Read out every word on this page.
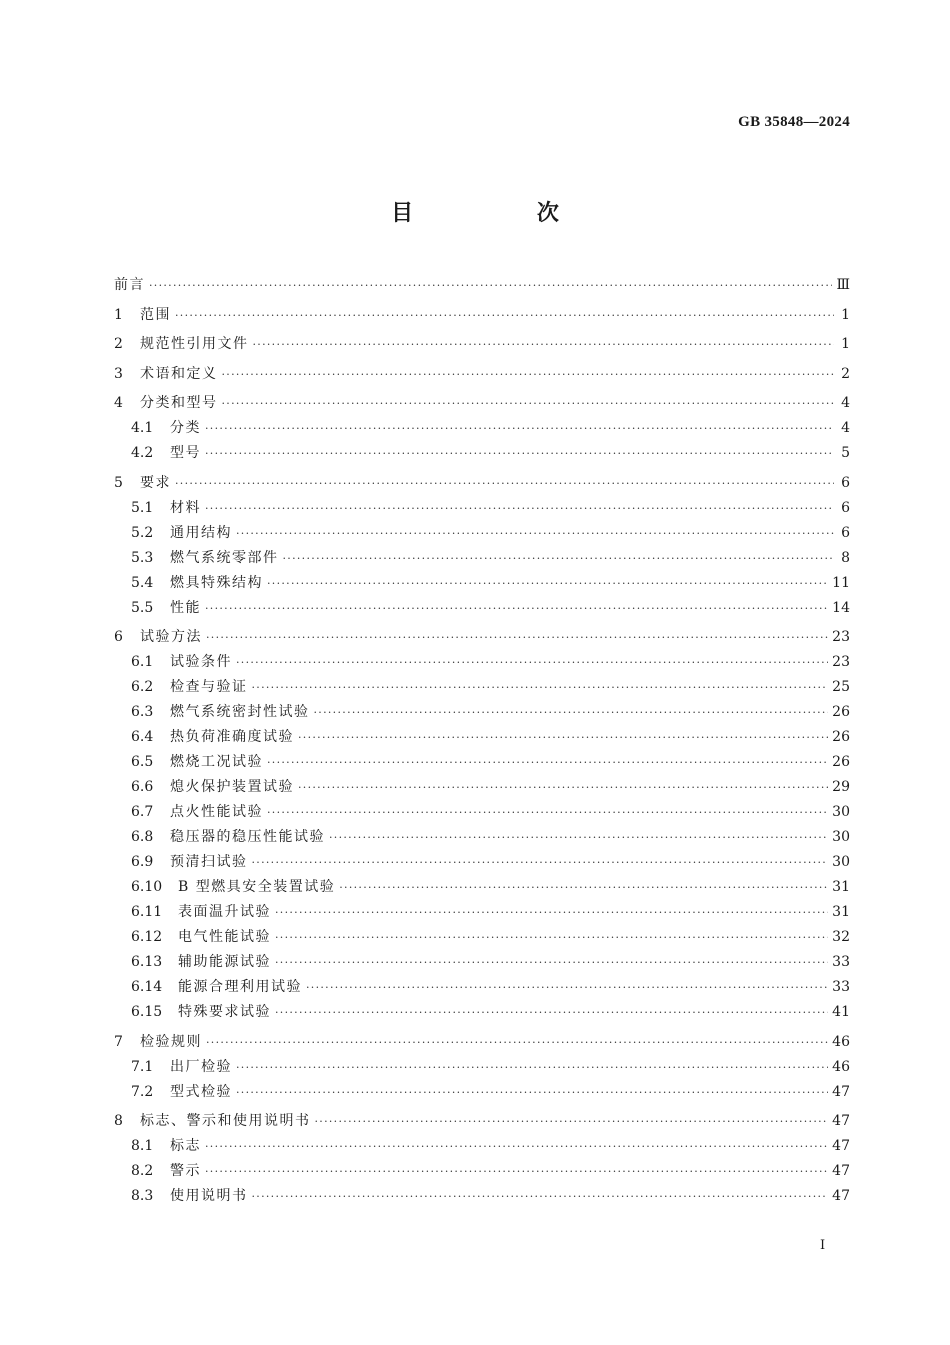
GB 35848—2024
目 次
前言 ·····	Ⅲ
1	范围 ·····	1
2	规范性引用文件 ·····	1
3	术语和定义 ·····	2
4	分类和型号 ·····	4
4.1	分类 ·····	4
4.2	型号 ·····	5
5	要求 ·····	6
5.1	材料 ·····	6
5.2	通用结构 ·····	6
5.3	燃气系统零部件 ·····	8
5.4	燃具特殊结构 ·····	11
5.5	性能 ·····	14
6	试验方法 ·····	23
6.1	试验条件 ·····	23
6.2	检查与验证 ·····	25
6.3	燃气系统密封性试验 ·····	26
6.4	热负荷准确度试验 ·····	26
6.5	燃烧工况试验 ·····	26
6.6	熄火保护装置试验 ·····	29
6.7	点火性能试验 ·····	30
6.8	稳压器的稳压性能试验 ·····	30
6.9	预清扫试验 ·····	30
6.10	B 型燃具安全装置试验 ·····	31
6.11	表面温升试验 ·····	31
6.12	电气性能试验 ·····	32
6.13	辅助能源试验 ·····	33
6.14	能源合理利用试验 ·····	33
6.15	特殊要求试验 ·····	41
7	检验规则 ·····	46
7.1	出厂检验 ·····	46
7.2	型式检验 ·····	47
8	标志、警示和使用说明书 ·····	47
8.1	标志 ·····	47
8.2	警示 ·····	47
8.3	使用说明书 ·····	47
I
